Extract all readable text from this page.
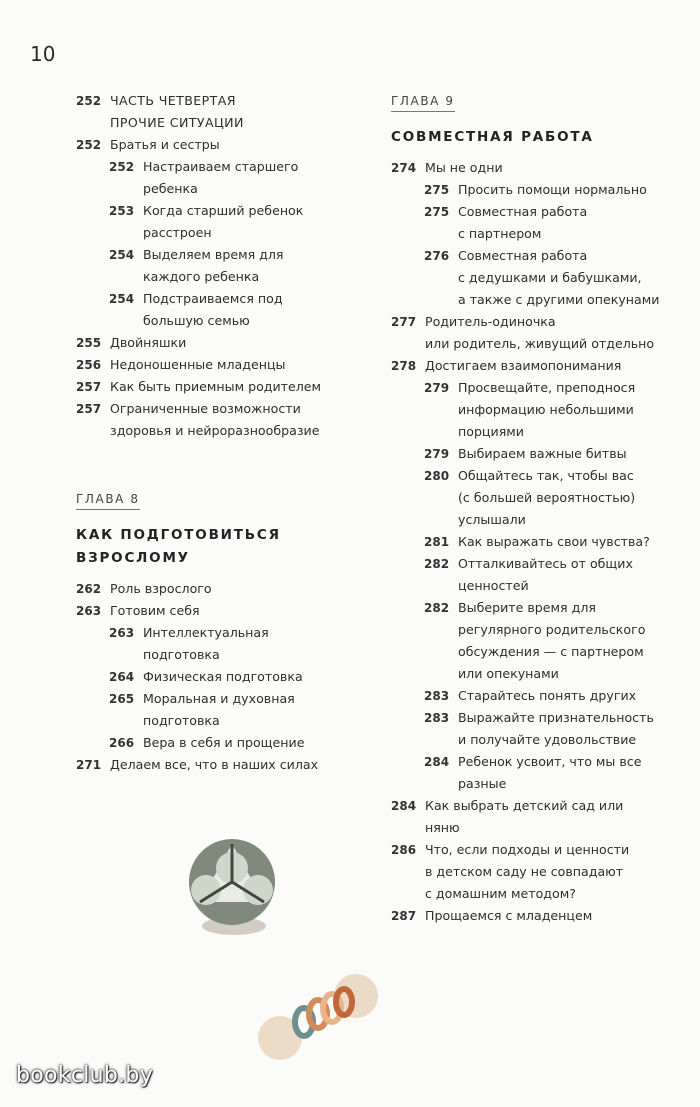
10
252 ЧАСТЬ ЧЕТВЕРТАЯ
ПРОЧИЕ СИТУАЦИИ
252 Братья и сестры
252 Настраиваем старшего
ребенка
253 Когда старший ребенок
расстроен
254 Выделяем время для
каждого ребенка
254 Подстраиваемся под
большую семью
255 Двойняшки
256 Недоношенные младенцы
257 Как быть приемным родителем
257 Ограниченные возможности
здоровья и нейроразнообразие
ГЛАВА 8
КАК ПОДГОТОВИТЬСЯ
ВЗРОСЛОМУ
262 Роль взрослого
263 Готовим себя
263 Интеллектуальная
подготовка
264 Физическая подготовка
265 Моральная и духовная
подготовка
266 Вера в себя и прощение
271 Делаем все, что в наших силах
ГЛАВА 9
СОВМЕСТНАЯ РАБОТА
274 Мы не одни
275 Просить помощи нормально
275 Совместная работа
с партнером
276 Совместная работа
с дедушками и бабушками,
а также с другими опекунами
277 Родитель-одиночка
или родитель, живущий отдельно
278 Достигаем взаимопонимания
279 Просвещайте, преподнося
информацию небольшими
порциями
279 Выбираем важные битвы
280 Общайтесь так, чтобы вас
(с большей вероятностью)
услышали
281 Как выражать свои чувства?
282 Отталкивайтесь от общих
ценностей
282 Выберите время для
регулярного родительского
обсуждения — с партнером
или опекунами
283 Старайтесь понять других
283 Выражайте признательность
и получайте удовольствие
284 Ребенок усвоит, что мы все
разные
284 Как выбрать детский сад или
няню
286 Что, если подходы и ценности
в детском саду не совпадают
с домашним методом?
287 Прощаемся с младенцем
bookclub.by
